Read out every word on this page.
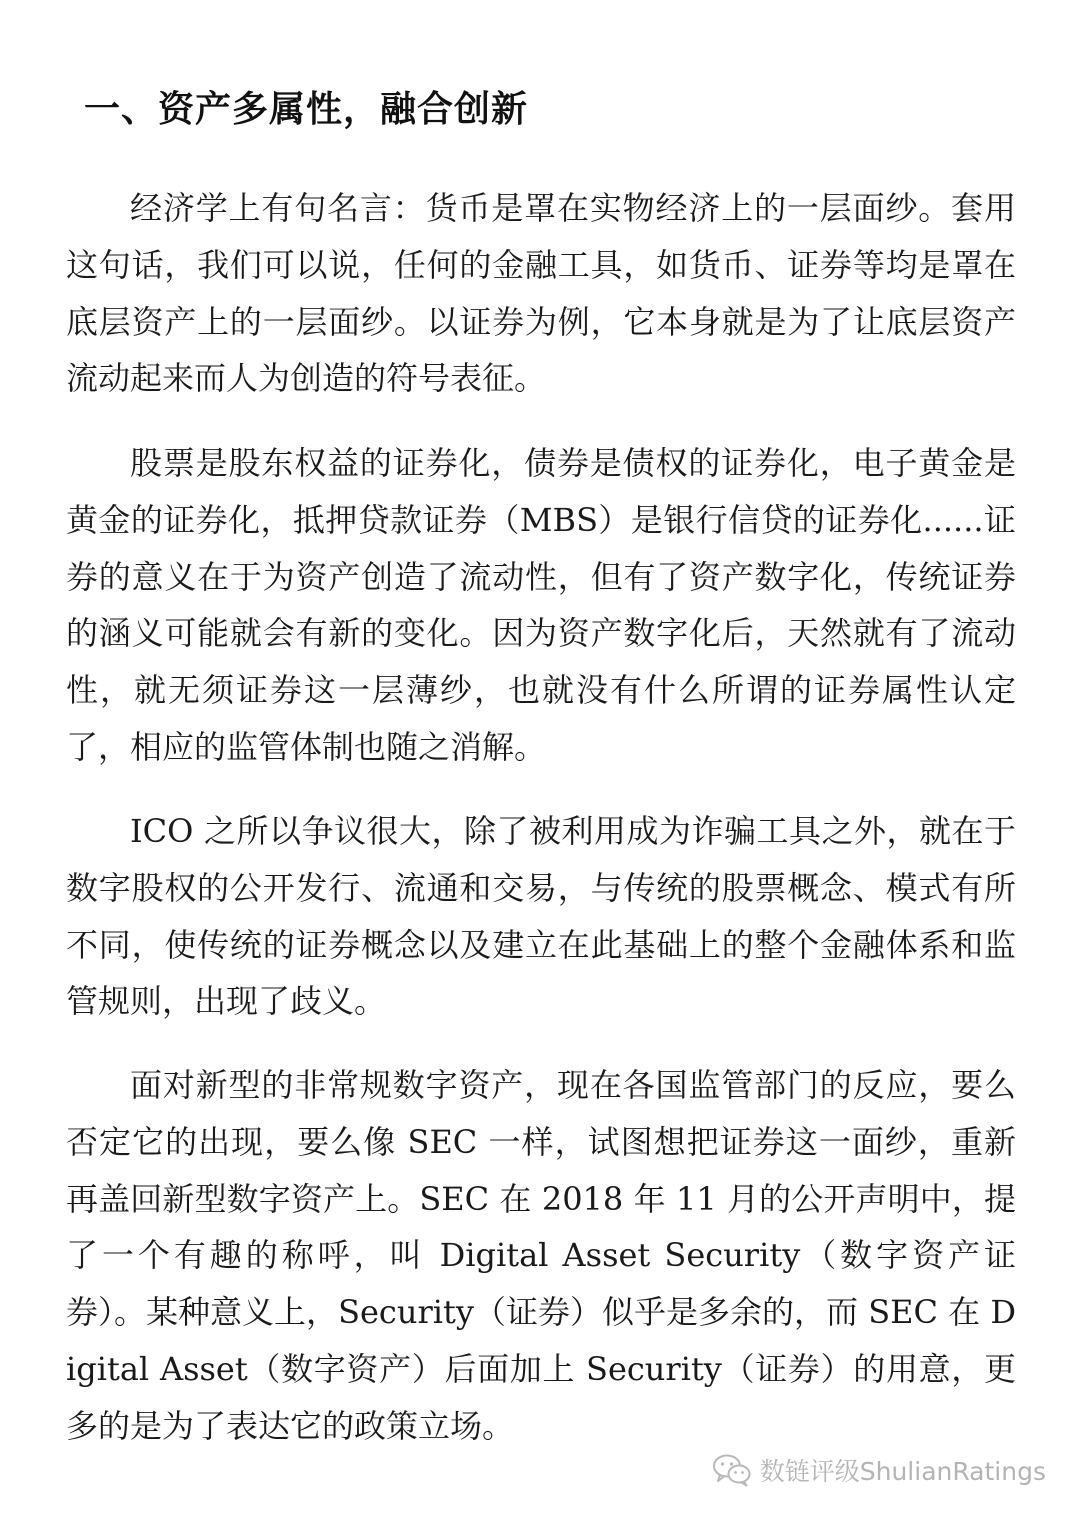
一、资产多属性，融合创新

经济学上有句名言：货币是罩在实物经济上的一层面纱。套用这句话，我们可以说，任何的金融工具，如货币、证券等均是罩在底层资产上的一层面纱。以证券为例，它本身就是为了让底层资产流动起来而人为创造的符号表征。

股票是股东权益的证券化，债券是债权的证券化，电子黄金是黄金的证券化，抵押贷款证券（MBS）是银行信贷的证券化......证券的意义在于为资产创造了流动性，但有了资产数字化，传统证券的涵义可能就会有新的变化。因为资产数字化后，天然就有了流动性，就无须证券这一层薄纱，也就没有什么所谓的证券属性认定了，相应的监管体制也随之消解。

ICO 之所以争议很大，除了被利用成为诈骗工具之外，就在于数字股权的公开发行、流通和交易，与传统的股票概念、模式有所不同，使传统的证券概念以及建立在此基础上的整个金融体系和监管规则，出现了歧义。

面对新型的非常规数字资产，现在各国监管部门的反应，要么否定它的出现，要么像 SEC 一样，试图想把证券这一面纱，重新再盖回新型数字资产上。SEC 在 2018 年 11 月的公开声明中，提了一个有趣的称呼，叫 Digital Asset Security（数字资产证券）。某种意义上，Security（证券）似乎是多余的，而 SEC 在 Digital Asset（数字资产）后面加上 Security（证券）的用意，更多的是为了表达它的政策立场。

数链评级ShulianRatings
